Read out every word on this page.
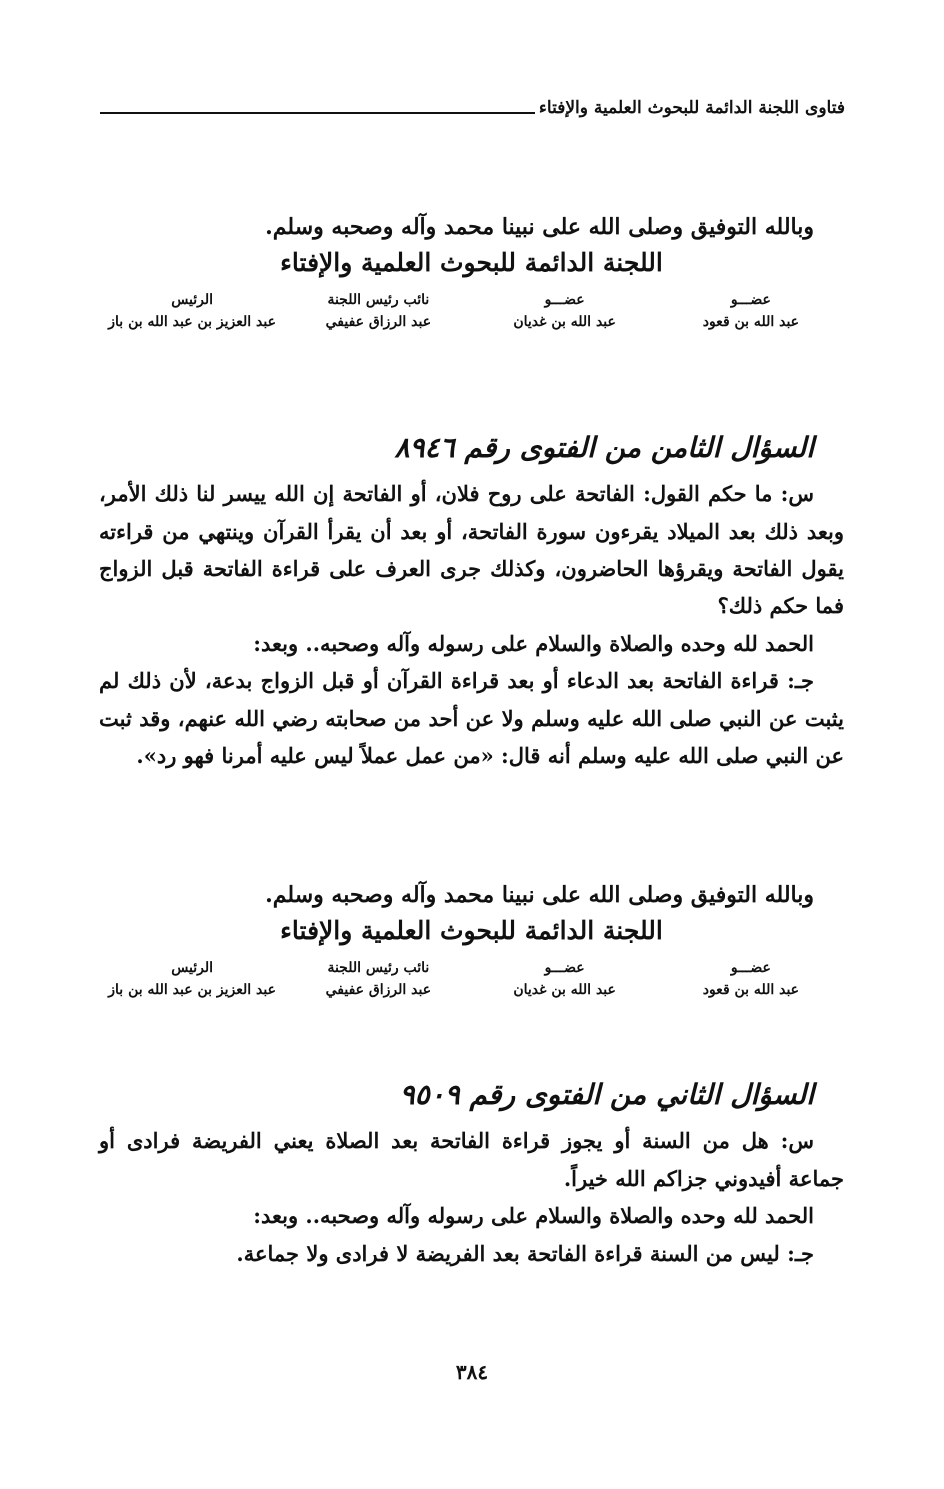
فتاوى اللجنة الدائمة للبحوث العلمية والإفتاء
وبالله التوفيق وصلى الله على نبينا محمد وآله وصحبه وسلم.
اللجنة الدائمة للبحوث العلمية والإفتاء
عضـــو
عبد الله بن قعود
عضـــو
عبد الله بن غديان
نائب رئيس اللجنة
عبد الرزاق عفيفي
الرئيس
عبد العزيز بن عبد الله بن باز
السؤال الثامن من الفتوى رقم ٨٩٤٦

س: ما حكم القول: الفاتحة على روح فلان، أو الفاتحة إن الله ييسر لنا ذلك الأمر، وبعد ذلك بعد الميلاد يقرءون سورة الفاتحة، أو بعد أن يقرأ القرآن وينتهي من قراءته يقول الفاتحة ويقرؤها الحاضرون، وكذلك جرى العرف على قراءة الفاتحة قبل الزواج فما حكم ذلك؟

الحمد لله وحده والصلاة والسلام على رسوله وآله وصحبه.. وبعد:

جـ: قراءة الفاتحة بعد الدعاء أو بعد قراءة القرآن أو قبل الزواج بدعة، لأن ذلك لم يثبت عن النبي صلى الله عليه وسلم ولا عن أحد من صحابته رضي الله عنهم، وقد ثبت عن النبي صلى الله عليه وسلم أنه قال: «من عمل عملاً ليس عليه أمرنا فهو رد».

وبالله التوفيق وصلى الله على نبينا محمد وآله وصحبه وسلم.
اللجنة الدائمة للبحوث العلمية والإفتاء
عضـــو
عبد الله بن قعود
عضـــو
عبد الله بن غديان
نائب رئيس اللجنة
عبد الرزاق عفيفي
الرئيس
عبد العزيز بن عبد الله بن باز
السؤال الثاني من الفتوى رقم ٩٥٠٩

س: هل من السنة أو يجوز قراءة الفاتحة بعد الصلاة يعني الفريضة فرادى أو جماعة أفيدوني جزاكم الله خيراً.

الحمد لله وحده والصلاة والسلام على رسوله وآله وصحبه.. وبعد:

جـ: ليس من السنة قراءة الفاتحة بعد الفريضة لا فرادى ولا جماعة.

٣٨٤
